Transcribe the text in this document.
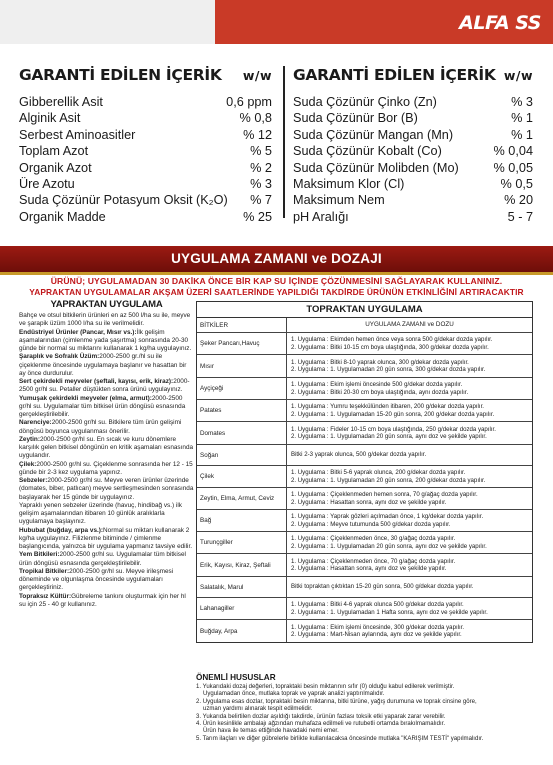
ALFA SS
GARANTİ EDİLEN İÇERİK w/w
Gibberellik Asit	0,6 ppm
Alginik Asit	% 0,8
Serbest Aminoasitler	% 12
Toplam Azot	% 5
Organik Azot	% 2
Üre Azotu	% 3
Suda Çözünür Potasyum Oksit (K₂O) % 7
Organik Madde	% 25
GARANTİ EDİLEN İÇERİK w/w
Suda Çözünür Çinko (Zn)	% 3
Suda Çözünür Bor (B)	% 1
Suda Çözünür Mangan (Mn)	% 1
Suda Çözünür Kobalt (Co)	% 0,04
Suda Çözünür Molibden (Mo)	% 0,05
Maksimum Klor (Cl)	% 0,5
Maksimum Nem	% 20
pH Aralığı	5 - 7
UYGULAMA ZAMANI ve DOZAJI
ÜRÜNÜ; UYGULAMADAN 30 DAKİKA ÖNCE BİR KAP SU İÇİNDE ÇÖZÜNMESİNİ SAĞLAYARAK KULLANINIZ.
YAPRAKTAN UYGULAMALAR AKŞAM ÜZERİ SAATLERİNDE YAPILDIĞI TAKDİRDE ÜRÜNÜN ETKİNLİĞİNİ ARTIRACAKTIR
YAPRAKTAN UYGULAMA
Bahçe ve otsul bitkilerin ürünleri en az 500 l/ha su ile, meyve ve şarapik üzüm 1000 l/ha su ile verilmelidir.
Endüstriyel Ürünler (Pancar, Mısır vs.):İlk gelişim aşamalarından (çimlenme yada şaşırtma) sonrasında 20-30 günde bir normal su miktarını kullanarak 1 kg/ha uygulayınız.
Şaraplık ve Sofralık Üzüm:2000-2500 gr./hl su ile çiçeklenme öncesinde uygulamaya başlanır ve hasattan bir ay önce durdurulur.
Sert çekirdekli meyveler (şeftali, kayısı, erik, kiraz):2000-2500 gr/hl su. Petaller düştükten sonra ürünü uygulayınız.
Yumuşak çekirdekli meyveler (elma, armut):2000-2500 gr/hl su. Uygulamalar tüm bitkisel ürün döngüsü esnasında gerçekleştirilebilir.
Narenciye:2000-2500 gr/hl su. Bitkilere tüm ürün gelişimi döngüsü boyunca uygulanması önerilir.
Zeytin:2000-2500 gr/hl su. En sıcak ve kuru dönemlere karşılık gelen bitkisel döngünün en kritik aşamaları esnasında uygulandır.
Çilek:2000-2500 gr/hl su. Çiçeklenme sonrasında her 12 - 15 günde bir 2-3 kez uygulama yapınız.
Sebzeler:2000-2500 gr/hl su. Meyve veren ürünler üzerinde (domates, biber, patlıcan) meyve sertleşmesinden sonrasında başlayarak her 15 günde bir uygulayınız.
Yapraklı yenen sebzeler üzerinde (havuç, hindibağ vs.) ilk gelişim aşamalarından itibaren 10 günlük aralıklarla uygulamaya başlayınız.
Hububat (buğday, arpa vs.):Normal su miktarı kullanarak 2 kg/ha uygulayınız. Filizlenme bitiminde / çimlenme başlangıcında, yalnızca bir uygulama yapmanız tavsiye edilir.
Yem Bitkileri:2000-2500 gr/hl su. Uygulamalar tüm bitkisel ürün döngüsü esnasında gerçekleştirilebilir.
Tropikal Bitkiler:2000-2500 gr/hl su. Meyve irileşmesi döneminde ve olgunlaşma öncesinde uygulamaları gerçekleştiriniz.
Topraksız Kültür:Gübreleme tankını oluşturmak için her hl su için 25 - 40 gr kullanınız.
TOPRAKTAN UYGULAMA
BİTKİLER	UYGULAMA ZAMANI ve DOZU
Şeker Pancarı,Havuç
1. Uygulama : Ekimden hemen önce veya sonra 500 g/dekar dozda yapılır.
2. Uygulama : Bitki 10-15 cm boya ulaştığında, 300 g/dekar dozda yapılır.
Mısır
1. Uygulama : Bitki 8-10 yaprak olunca, 300 g/dekar dozda yapılır.
2. Uygulama : 1. Uygulamadan 20 gün sonra, 300 g/dekar dozda yapılır.
Ayçiçeği
1. Uygulama : Ekim işlemi öncesinde 500 g/dekar dozda yapılır.
2. Uygulama : Bitki 20-30 cm boya ulaştığında, aynı dozda yapılır.
Patates
1. Uygulama : Yumru teşekkülünden itibaren, 200 g/dekar dozda yapılır.
2. Uygulama : 1. Uygulamadan 15-20 gün sonra, 200 g/dekar dozda yapılır.
Domates
1. Uygulama : Fideler 10-15 cm boya ulaştığında, 250 g/dekar dozda yapılır.
2. Uygulama : 1. Uygulamadan 20 gün sonra, aynı doz ve şekilde yapılır.
Soğan	Bitki 2-3 yaprak olunca, 500 g/dekar dozda yapılır.
Çilek
1. Uygulama : Bitki 5-6 yaprak olunca, 200 g/dekar dozda yapılır.
2. Uygulama : 1. Uygulamadan 20 gün sonra, 200 g/dekar dozda yapılır.
Zeytin, Elma, Armut, Ceviz
1. Uygulama : Çiçeklenmeden hemen sonra, 70 g/ağaç dozda yapılır.
2. Uygulama : Hasattan sonra, aynı doz ve şekilde yapılır.
Bağ
1. Uygulama : Yaprak gözleri açılmadan önce, 1 kg/dekar dozda yapılır.
2. Uygulama : Meyve tutumunda 500 g/dekar dozda yapılır.
Turunçgiller
1. Uygulama : Çiçeklenmeden önce, 30 g/ağaç dozda yapılır.
2. Uygulama : 1. Uygulamadan 20 gün sonra, aynı doz ve şekilde yapılır.
Erik, Kayısı, Kiraz, Şeftali
1. Uygulama : Çiçeklenmeden önce, 70 g/ağaç dozda yapılır.
2. Uygulama : Hasattan sonra, aynı doz ve şekilde yapılır.
Salatalık, Marul	Bitki topraktan çıktıktan 15-20 gün sonra, 500 g/dekar dozda yapılır.
Lahanagiller
1. Uygulama : Bitki 4-6 yaprak olunca 500 g/dekar dozda yapılır.
2. Uygulama : 1. Uygulamadan 1 Hafta sonra, aynı doz ve şekilde yapılır.
Buğday, Arpa
1. Uygulama : Ekim işlemi öncesinde, 300 g/dekar dozda yapılır.
2. Uygulama : Mart-Nisan aylarında, aynı doz ve şekilde yapılır.
ÖNEMLİ HUSUSLAR
1. Yukarıdaki dozaj değerleri, topraktaki besin miktarının sıfır (0) olduğu kabul edilerek verilmiştir.
Uygulamadan önce, mutlaka toprak ve yaprak analizi yaptırılmalıdır.
2. Uygulama esas dozlar, topraktaki besin miktarına, bitki türüne, yağış durumuna ve toprak cinsine göre,
uzman yardımı alınarak tespit edilmelidir.
3. Yukarıda belirtilen dozlar aşıldığı takdirde, ürünün fazlası toksik etki yaparak zarar verebilir.
4. Ürün kesinlikle ambalajı ağzından muhafaza edilmeli ve rutubetli ortamda bırakılmamalıdır.
Ürün hava ile temas ettiğinde havadaki nemi emer.
5. Tarım ilaçları ve diğer gübrelerle birlikte kullanılacaksa öncesinde mutlaka "KARIŞIM TESTİ" yapılmalıdır.
